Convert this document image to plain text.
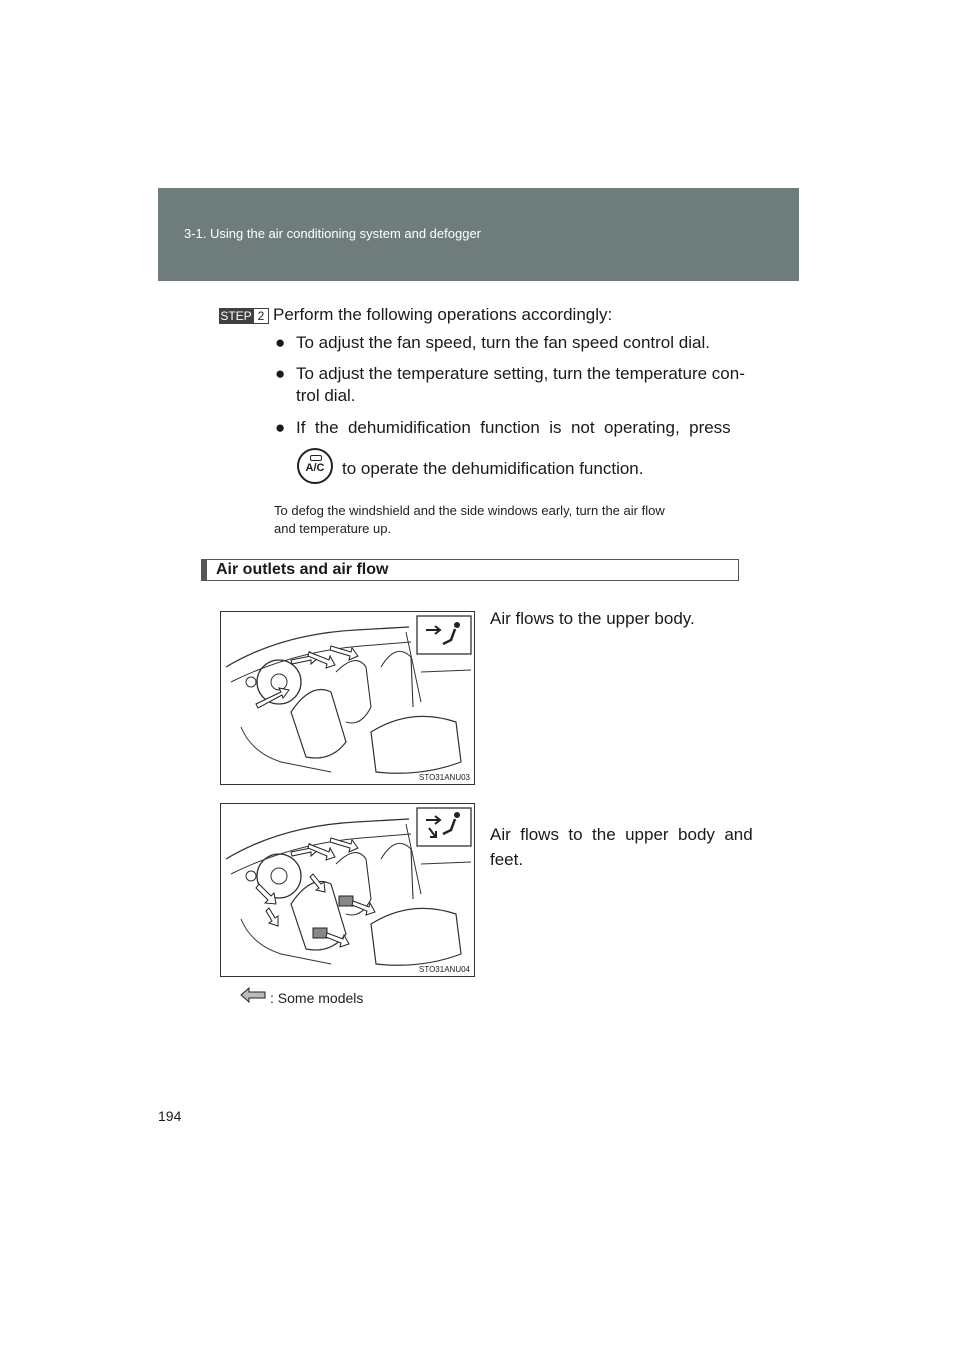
3-1. Using the air conditioning system and defogger
STEP 2 Perform the following operations accordingly:
● To adjust the fan speed, turn the fan speed control dial.
● To adjust the temperature setting, turn the temperature con-
trol dial.
● If  the  dehumidification  function  is  not  operating,  press
A/C	to operate the dehumidification function.
To defog the windshield and the side windows early, turn the air flow
and temperature up.
Air outlets and air flow
STO31ANU03
Air flows to the upper body.
STO31ANU04
Air  flows  to  the  upper  body  and
feet.
: Some models
194
